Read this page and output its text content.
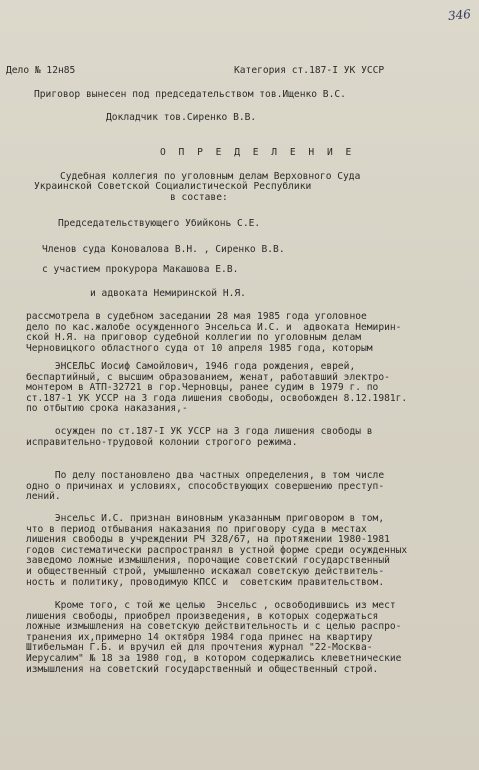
346
Дело № 12н85	Категория ст.187-I УК УССР
Приговор вынесен под председательством тов.Ищенко В.С.
Докладчик тов.Сиренко В.В.
О П Р Е Д Е Л Е Н И Е
Судебная коллегия по уголовным делам Верховного Суда
Украинской Советской Социалистической Республики
в составе:
Председательствующего Убийконь С.Е.
Членов суда Коновалова В.Н. , Сиренко В.В.
с участием прокурора Макашова Е.В.
и адвоката Немиринской Н.Я.
рассмотрела в судебном заседании 28 мая 1985 года уголовное
дело по кас.жалобе осужденного Энсельса И.С. и  адвоката Немирин-
ской Н.Я. на приговор судебной коллегии по уголовным делам
Черновицкого областного суда от 10 апреля 1985 года, которым
ЭНСЕЛЬС Иосиф Самойлович, 1946 года рождения, еврей,
беспартийный, с высшим образованием, женат, работавший электро-
монтером в АТП-32721 в гор.Черновцы, ранее судим в 1979 г. по
ст.187-1 УК УССР на 3 года лишения свободы, освобожден 8.12.1981г.
по отбытию срока наказания,-
осужден по ст.187-I УК УССР на 3 года лишения свободы в
исправительно-трудовой колонии строгого режима.
По делу постановлено два частных определения, в том числе
одно о причинах и условиях, способствующих совершению преступ-
лений.
Энсельс И.С. признан виновным указанным приговором в том,
что в период отбывания наказания по приговору суда в местах
лишения свободы в учреждении РЧ 328/67, на протяжении 1980-1981
годов систематически распространял в устной форме среди осужденных
заведомо ложные измышления, порочащие советский государственный
и общественный строй, умышленно искажал советскую действитель-
ность и политику, проводимую КПСС и  советским правительством.
Кроме того, с той же целью  Энсельс , освободившись из мест
лишения свободы, приобрел произведения, в которых содержаться
ложные измышления на советскую действительность и с целью распро-
транения их,примерно 14 октября 1984 года принес на квартиру
Штибельман Г.Б. и вручил ей для прочтения журнал "22-Москва-
Иерусалим" № 18 за 1980 год, в котором содержались клеветнические
измышления на советский государственный и общественный строй.
